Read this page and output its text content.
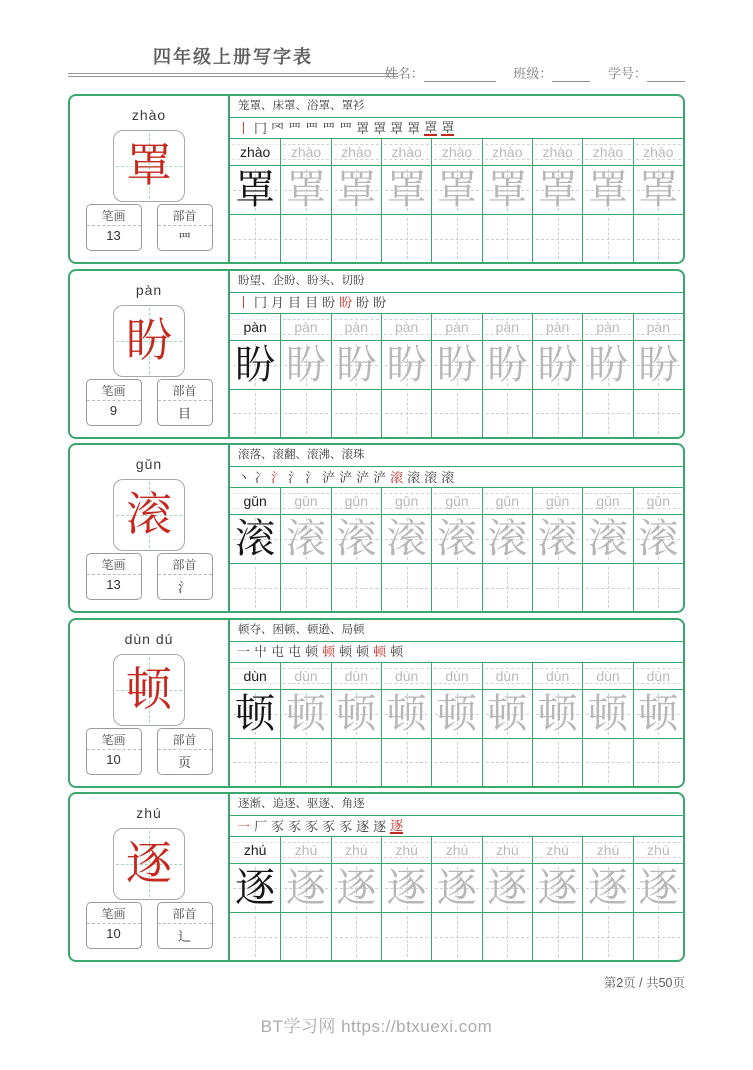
四年级上册写字表
姓名：	班级：	学号：
zhào
罩
笔画
13
部首
罒
笼罩、床罩、浴罩、罩衫
丨 冂 罓 罒 罒 罒 罒 罩 罩 罩 罩 罩 罩
zhào zhào zhào zhào zhào zhào zhào zhào zhào
罩 罩 罩 罩 罩 罩 罩 罩 罩
pàn
盼
笔画
9
部首
目
盼望、企盼、盼头、切盼
丨 冂 月 目 目 盼 盼 盼 盼
pàn pàn pàn pàn pàn pàn pàn pàn pàn
盼 盼 盼 盼 盼 盼 盼 盼 盼
gǔn
滚
笔画
13
部首
氵
滚落、滚翻、滚沸、滚珠
丶 冫 氵 氵 氵 浐 浐 浐 浐 滚 滚 滚 滚
gǔn gǔn gǔn gǔn gǔn gǔn gǔn gǔn gǔn
滚 滚 滚 滚 滚 滚 滚 滚 滚
dùn dú
顿
笔画
10
部首
页
顿夺、困顿、顿逊、局顿
一 屮 屯 屯 顿 顿 顿 顿 顿 顿
dùn dùn dùn dùn dùn dùn dùn dùn dùn
顿 顿 顿 顿 顿 顿 顿 顿 顿
zhú
逐
笔画
10
部首
辶
逐渐、追逐、驱逐、角逐
一 厂 豕 豕 豕 豕 豕 逐 逐 逐
zhú zhú zhú zhú zhú zhú zhú zhú zhú
逐 逐 逐 逐 逐 逐 逐 逐 逐
第2页 / 共50页
BT学习网 https://btxuexi.com
